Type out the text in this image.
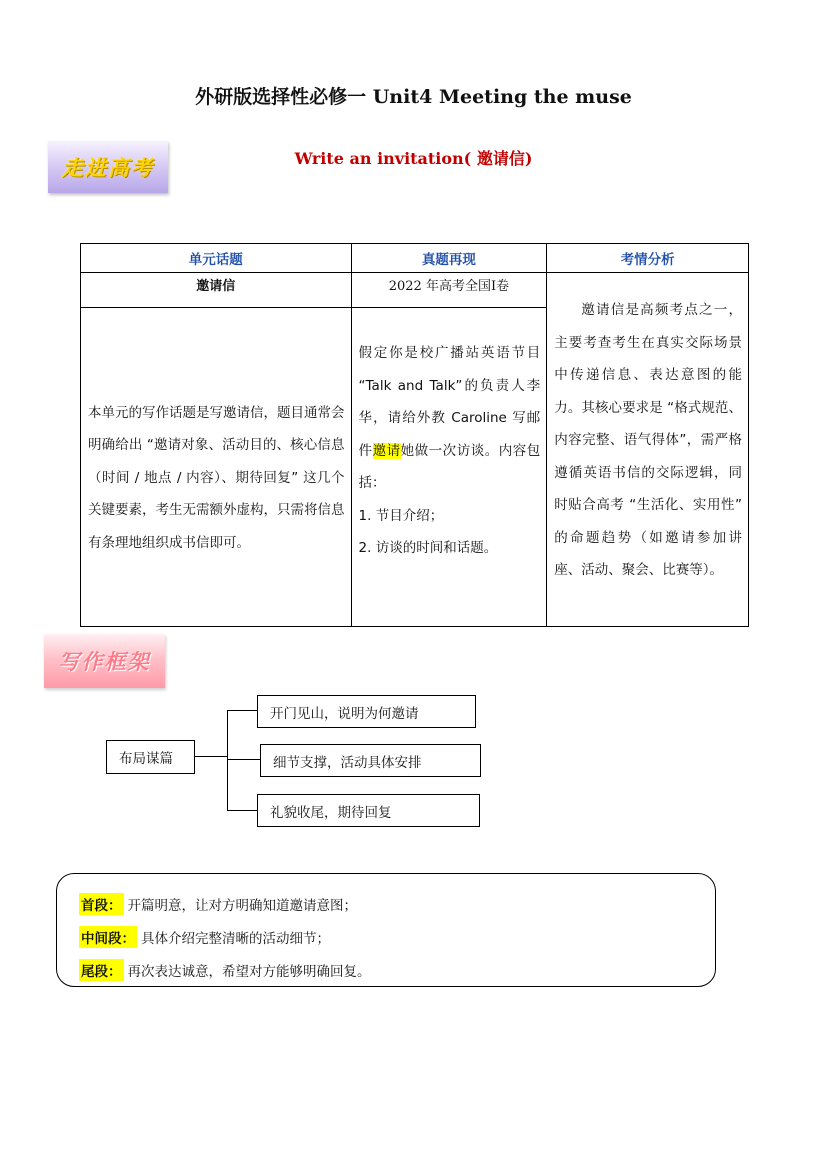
外研版选择性必修一 Unit4 Meeting the muse
Write an invitation( 邀请信)
走进高考
单元话题	真题再现	考情分析
邀请信	2022 年高考全国I卷	邀请信是高频考点之一，主要考查考生在真实交际场景中传递信息、表达意图的能力。其核心要求是 “格式规范、内容完整、语气得体”，需严格遵循英语书信的交际逻辑，同时贴合高考 “生活化、实用性” 的命题趋势（如邀请参加讲座、活动、聚会、比赛等）。

本单元的写作话题是写邀请信，题目通常会明确给出 “邀请对象、活动目的、核心信息（时间 / 地点 / 内容）、期待回复” 这几个关键要素，考生无需额外虚构，只需将信息有条理地组织成书信即可。	假定你是校广播站英语节目 “Talk and Talk”的负责人李华，请给外教 Caroline 写邮件邀请她做一次访谈。内容包括：
1. 节目介绍；
2. 访谈的时间和话题。	
写作框架
布局谋篇
开门见山，说明为何邀请
细节支撑，活动具体安排
礼貌收尾，期待回复
首段： 开篇明意，让对方明确知道邀请意图；
中间段： 具体介绍完整清晰的活动细节；
尾段： 再次表达诚意，希望对方能够明确回复。
